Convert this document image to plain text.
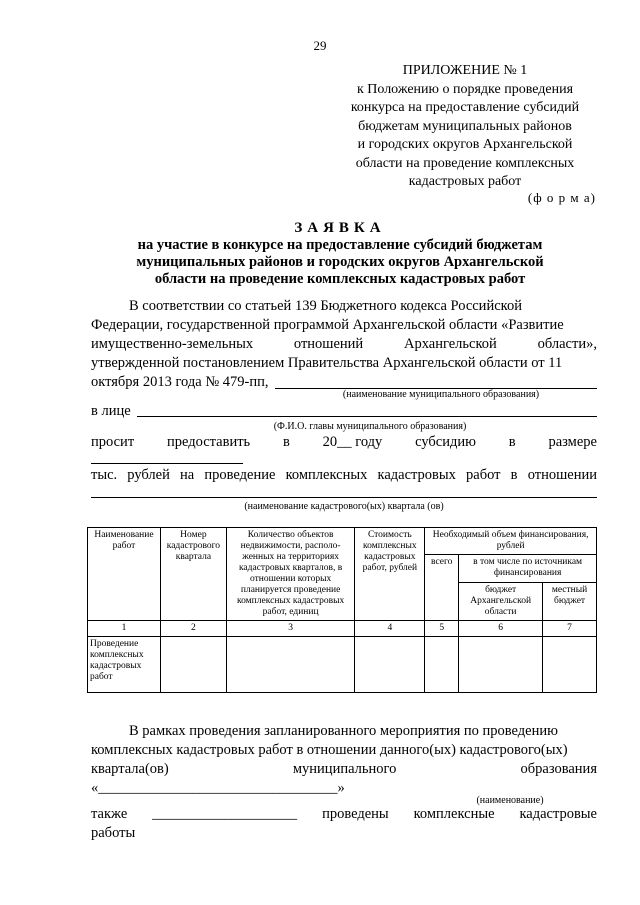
29
ПРИЛОЖЕНИЕ № 1
к Положению о порядке проведения
конкурса на предоставление субсидий
бюджетам муниципальных районов
и городских округов Архангельской
области на проведение комплексных
кадастровых работ
(ф о р м а)
ЗАЯВКА
на участие в конкурсе на предоставление субсидий бюджетам
муниципальных районов и городских округов Архангельской
области на проведение комплексных кадастровых работ
В соответствии со статьей 139 Бюджетного кодекса Российской
Федерации, государственной программой Архангельской области «Развитие
имущественно-земельных	отношений	Архангельской	области»,
утвержденной постановлением Правительства Архангельской области от 11
октября 2013 года № 479-пп,
(наименование муниципального образования)
в лице
(Ф.И.О. главы муниципального образования)
просит предоставить в 20__ году субсидию в размере
тыс. рублей на проведение комплексных кадастровых работ в отношении
(наименование кадастрового(ых) квартала (ов)
Наименование работ	Номер кадастрового квартала	Количество объектов недвижимости, располо-женных на территориях кадастровых кварталов, в отношении которых планируется проведение комплексных кадастровых работ, единиц	Стоимость комплексных кадастровых работ, рублей	Необходимый объем финансирования, рублей		
				всего	в том числе по источникам финансирования	
					бюджет Архангельской области	местный бюджет
1	2	3	4	5	6	7
Проведение комплексных кадастровых работ						
В рамках проведения запланированного мероприятия по проведению
комплексных кадастровых работ в отношении данного(ых) кадастрового(ых)
квартала(ов)	муниципального	образования
«_________________________________»
(наименование)
также ____________________ проведены комплексные кадастровые
работы
